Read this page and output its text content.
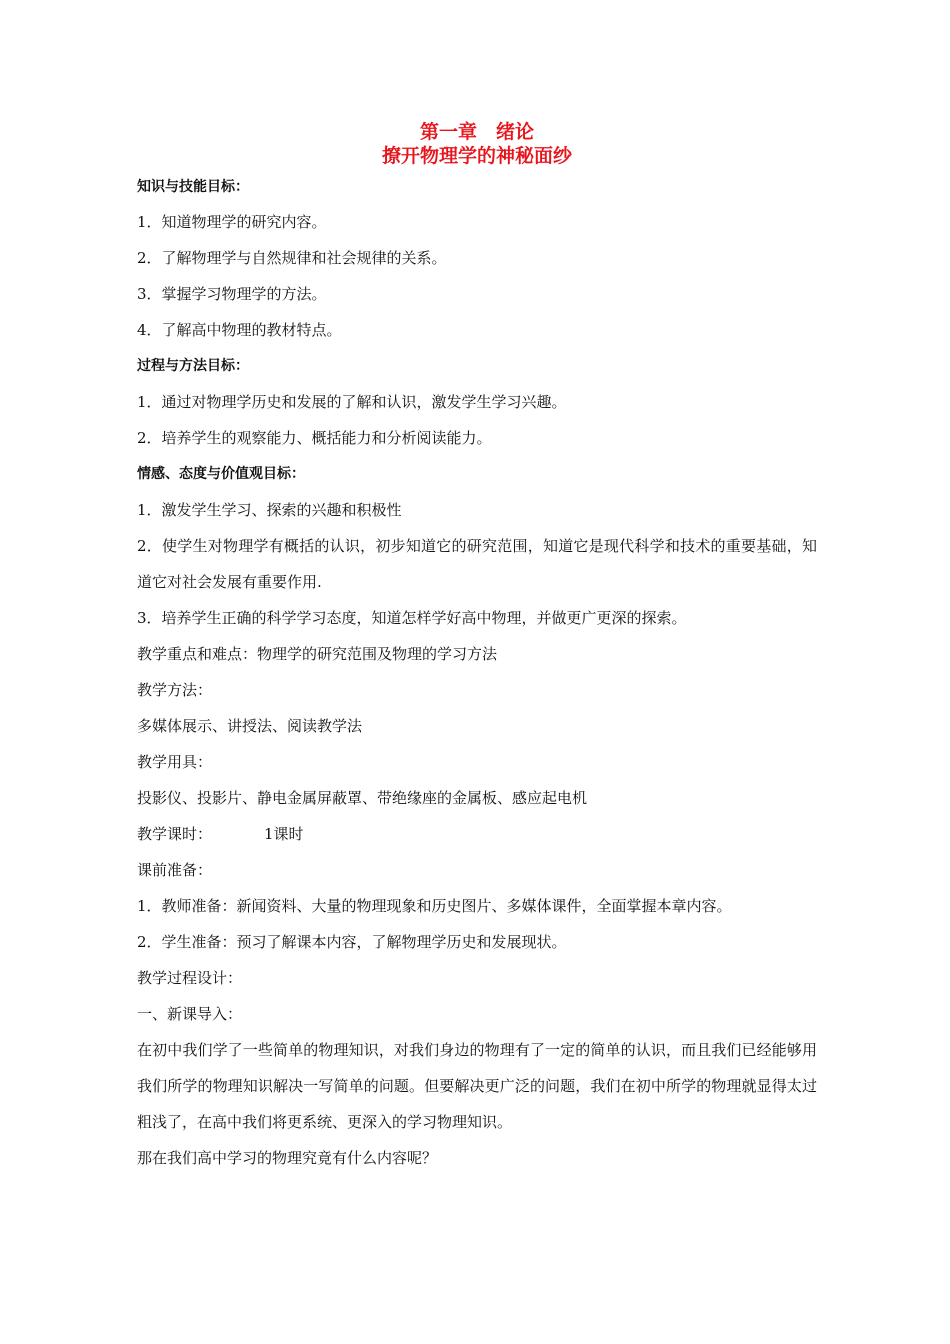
第一章　绪论

撩开物理学的神秘面纱

知识与技能目标：

1．知道物理学的研究内容。

2．了解物理学与自然规律和社会规律的关系。

3．掌握学习物理学的方法。

4．了解高中物理的教材特点。

过程与方法目标：

1．通过对物理学历史和发展的了解和认识，激发学生学习兴趣。

2．培养学生的观察能力、概括能力和分析阅读能力。

情感、态度与价值观目标：

1．激发学生学习、探索的兴趣和积极性

2．使学生对物理学有概括的认识，初步知道它的研究范围，知道它是现代科学和技术的重要基础，知道它对社会发展有重要作用.

3．培养学生正确的科学学习态度，知道怎样学好高中物理，并做更广更深的探索。

教学重点和难点：物理学的研究范围及物理的学习方法

教学方法：

多媒体展示、讲授法、阅读教学法

教学用具：

投影仪、投影片、静电金属屏蔽罩、带绝缘座的金属板、感应起电机

教学课时：	1课时

课前准备：

1．教师准备：新闻资料、大量的物理现象和历史图片、多媒体课件，全面掌握本章内容。

2．学生准备：预习了解课本内容，了解物理学历史和发展现状。

教学过程设计：

一、新课导入：

在初中我们学了一些简单的物理知识，对我们身边的物理有了一定的简单的认识，而且我们已经能够用我们所学的物理知识解决一写简单的问题。但要解决更广泛的问题，我们在初中所学的物理就显得太过粗浅了，在高中我们将更系统、更深入的学习物理知识。

那在我们高中学习的物理究竟有什么内容呢？
